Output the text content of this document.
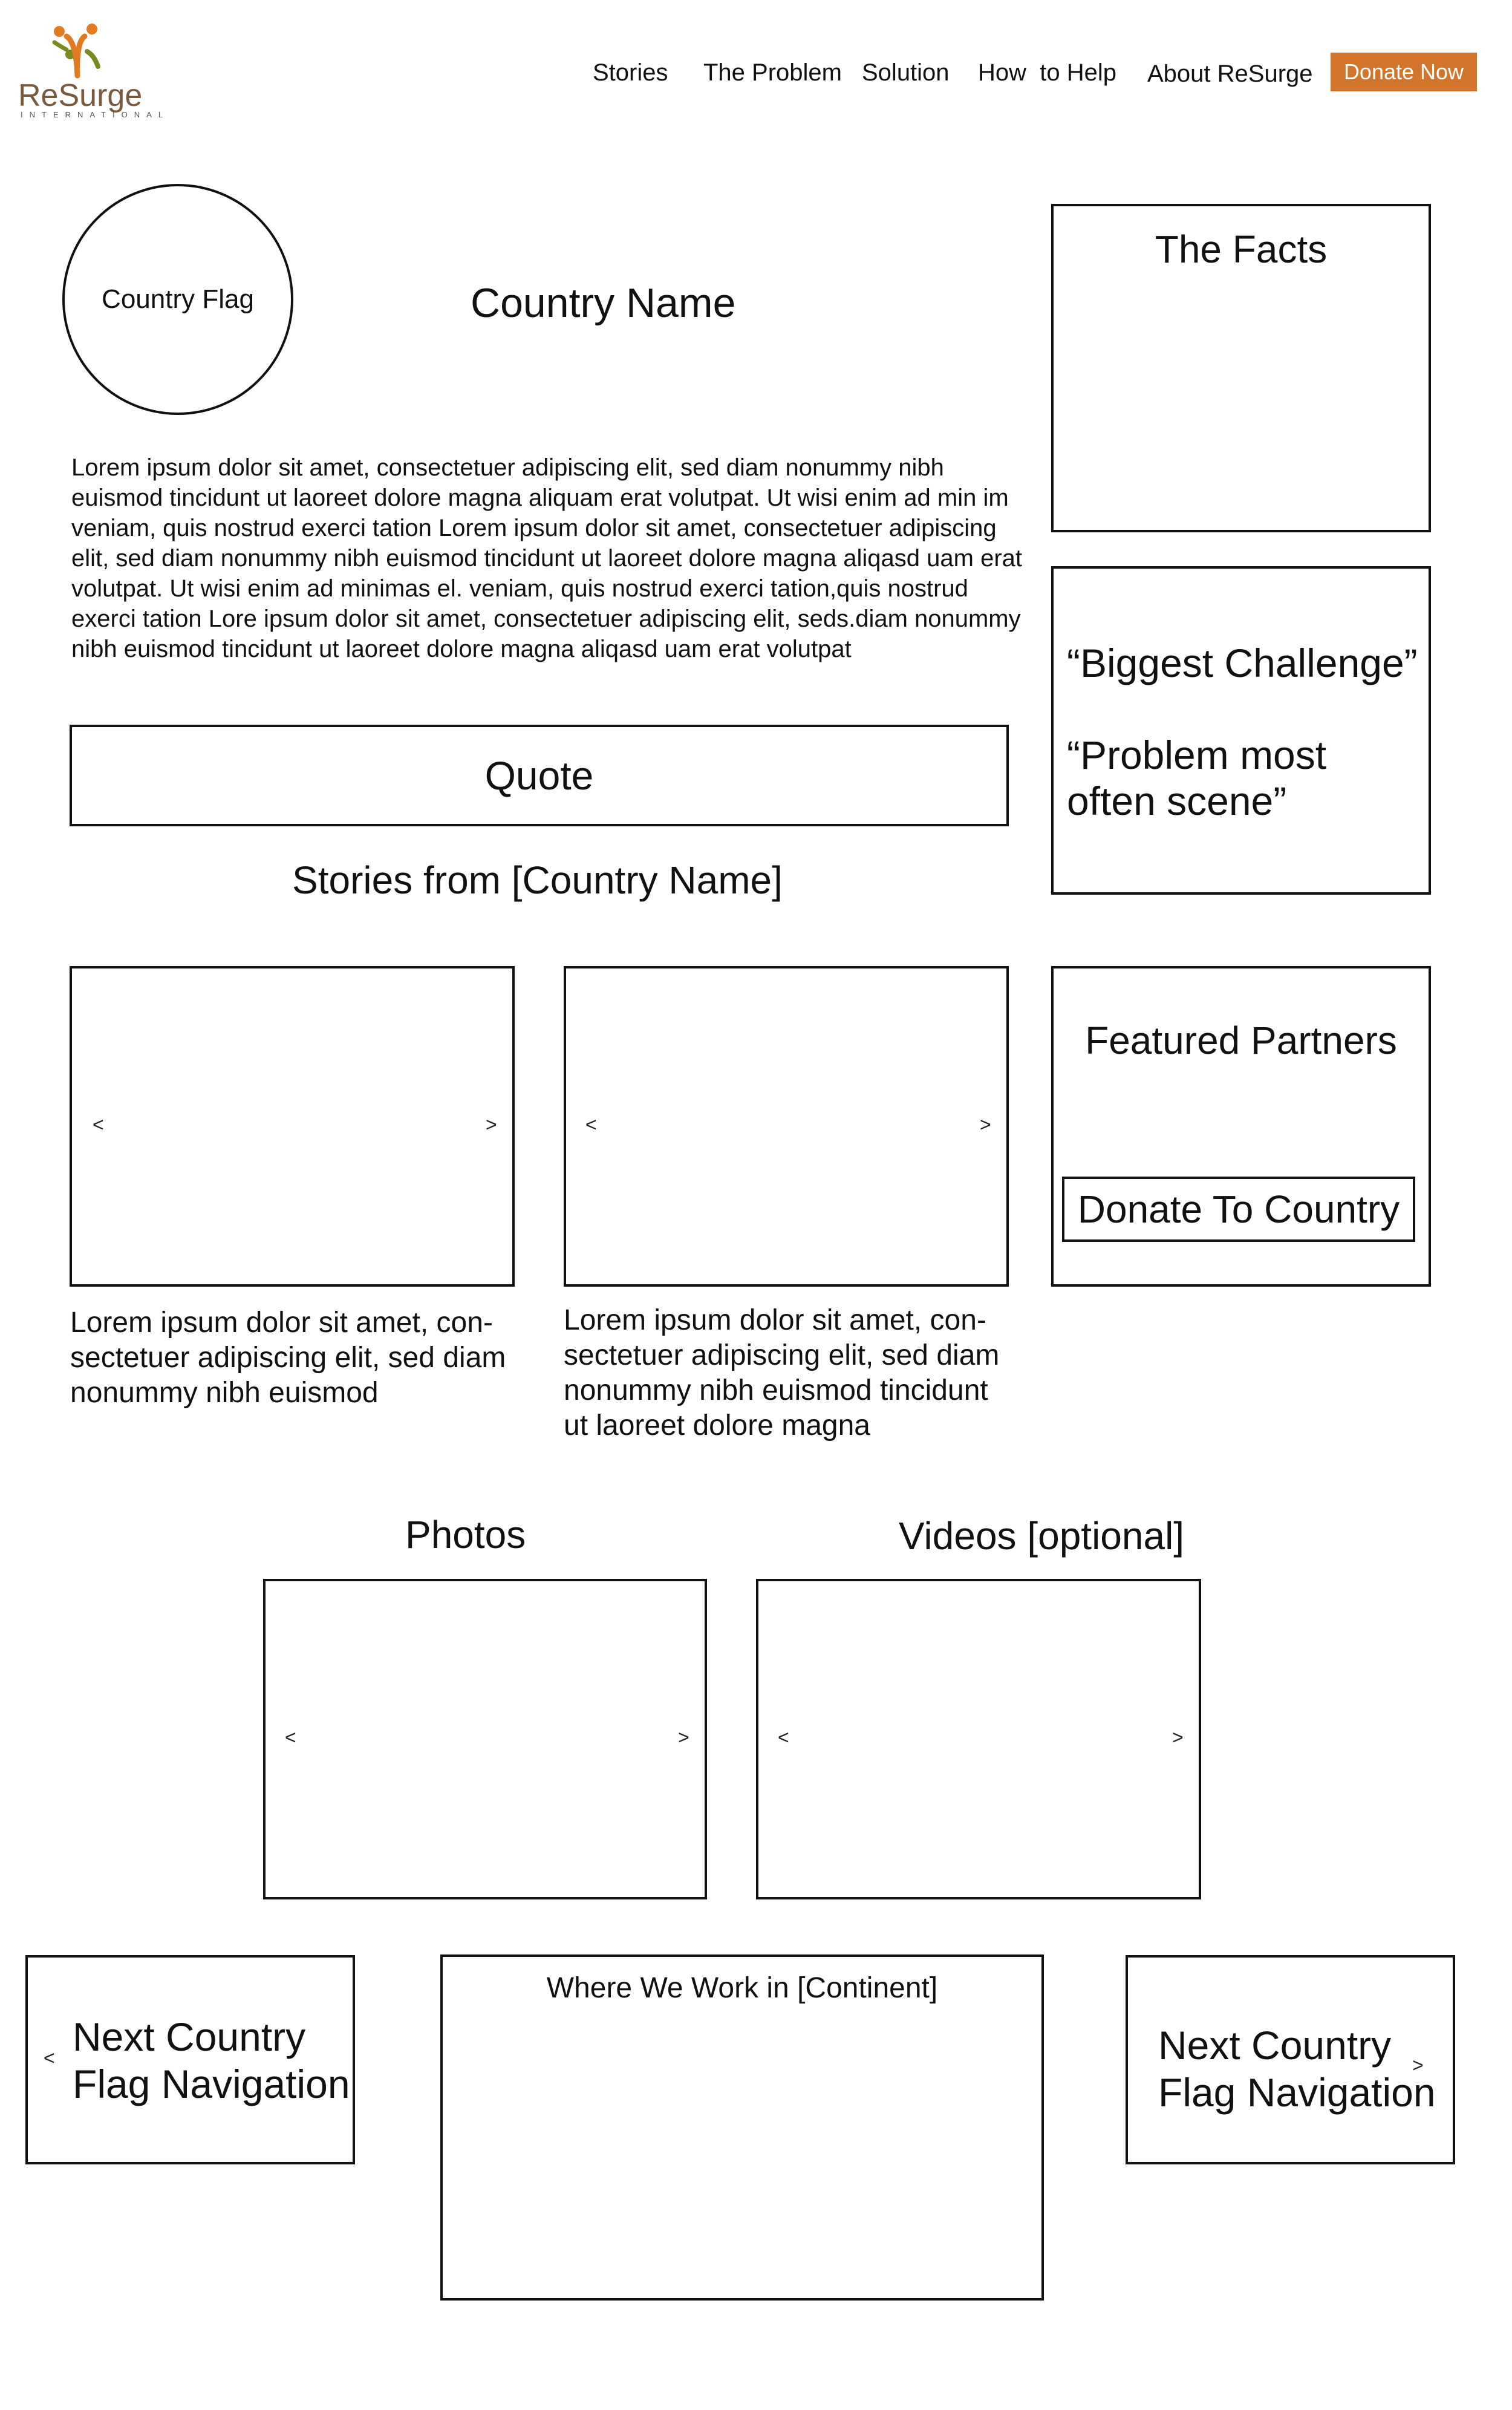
ReSurge
INTERNATIONAL
Stories The Problem Solution How  to Help About ReSurge	Donate Now
Country Flag	Country Name
Lorem ipsum dolor sit amet, consectetuer adipiscing elit, sed diam nonummy nibh euismod tincidunt ut laoreet dolore magna aliquam erat volutpat. Ut wisi enim ad min im veniam, quis nostrud exerci tation Lorem ipsum dolor sit amet, consectetuer adipiscing elit, sed diam nonummy nibh euismod tincidunt ut laoreet dolore magna aliqasd uam erat volutpat. Ut wisi enim ad minimas el. veniam, quis nostrud exerci tation,quis nostrud exerci tation Lore ipsum dolor sit amet, consectetuer adipiscing elit, seds.diam nonummy nibh euismod tincidunt ut laoreet dolore magna aliqasd uam erat volutpat
Quote
Stories from [Country Name]
The Facts
“Biggest Challenge”
“Problem most often scene”
Featured Partners
Donate To Country
<	>	<	>
Lorem ipsum dolor sit amet, con-sectetuer adipiscing elit, sed diam nonummy nibh euismod
Lorem ipsum dolor sit amet, con-sectetuer adipiscing elit, sed diam nonummy nibh euismod tincidunt ut laoreet dolore magna
Photos	Videos [optional]
<	>	<	>
< Next Country Flag Navigation
Where We Work in [Continent]
Next Country Flag Navigation
>
